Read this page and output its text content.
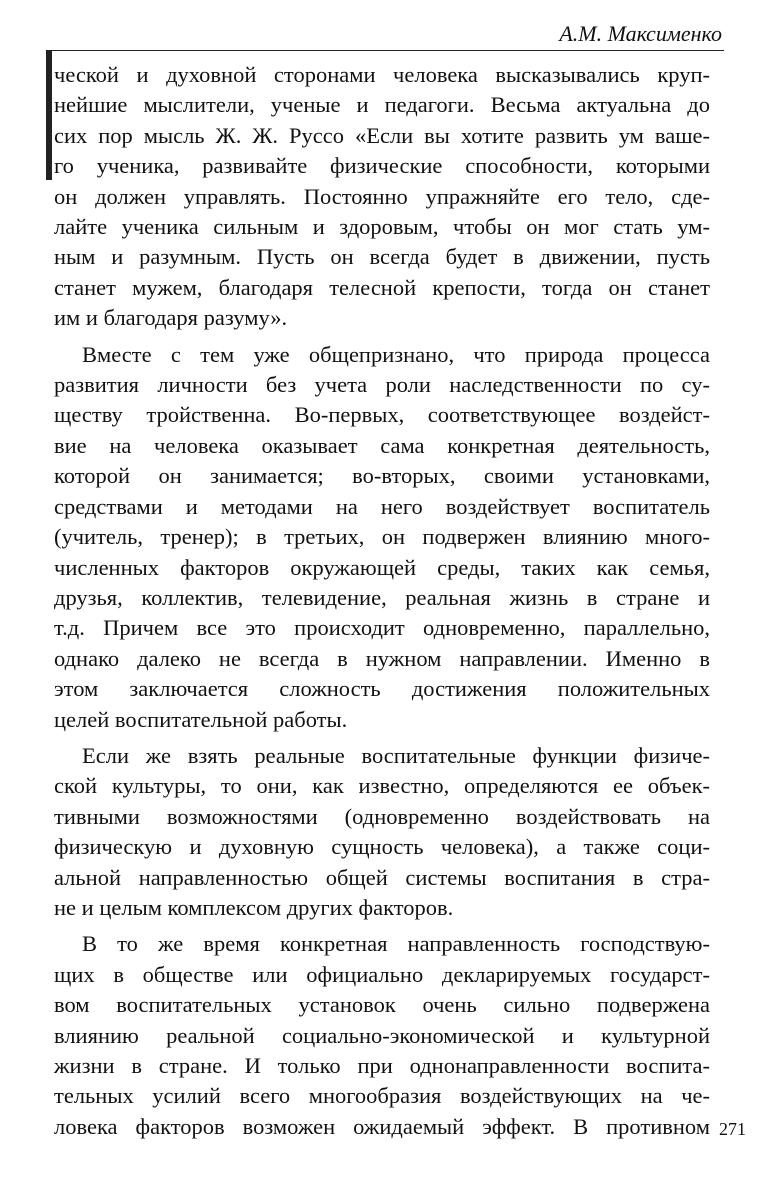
А.М. Максименко

ческой и духовной сторонами человека высказывались круп-
нейшие мыслители, ученые и педагоги. Весьма актуальна до
сих пор мысль Ж. Ж. Руссо «Если вы хотите развить ум ваше-
го ученика, развивайте физические способности, которыми
он должен управлять. Постоянно упражняйте его тело, сде-
лайте ученика сильным и здоровым, чтобы он мог стать ум-
ным и разумным. Пусть он всегда будет в движении, пусть
станет мужем, благодаря телесной крепости, тогда он станет
им и благодаря разуму».

Вместе с тем уже общепризнано, что природа процесса
развития личности без учета роли наследственности по су-
ществу тройственна. Во-первых, соответствующее воздейст-
вие на человека оказывает сама конкретная деятельность,
которой он занимается; во-вторых, своими установками,
средствами и методами на него воздействует воспитатель
(учитель, тренер); в третьих, он подвержен влиянию много-
численных факторов окружающей среды, таких как семья,
друзья, коллектив, телевидение, реальная жизнь в стране и
т.д. Причем все это происходит одновременно, параллельно,
однако далеко не всегда в нужном направлении. Именно в
этом заключается сложность достижения положительных
целей воспитательной работы.

Если же взять реальные воспитательные функции физиче-
ской культуры, то они, как известно, определяются ее объек-
тивными возможностями (одновременно воздействовать на
физическую и духовную сущность человека), а также соци-
альной направленностью общей системы воспитания в стра-
не и целым комплексом других факторов.

В то же время конкретная направленность господствую-
щих в обществе или официально декларируемых государст-
вом воспитательных установок очень сильно подвержена
влиянию реальной социально-экономической и культурной
жизни в стране. И только при однонаправленности воспита-
тельных усилий всего многообразия воздействующих на че-
ловека факторов возможен ожидаемый эффект. В противном 271
